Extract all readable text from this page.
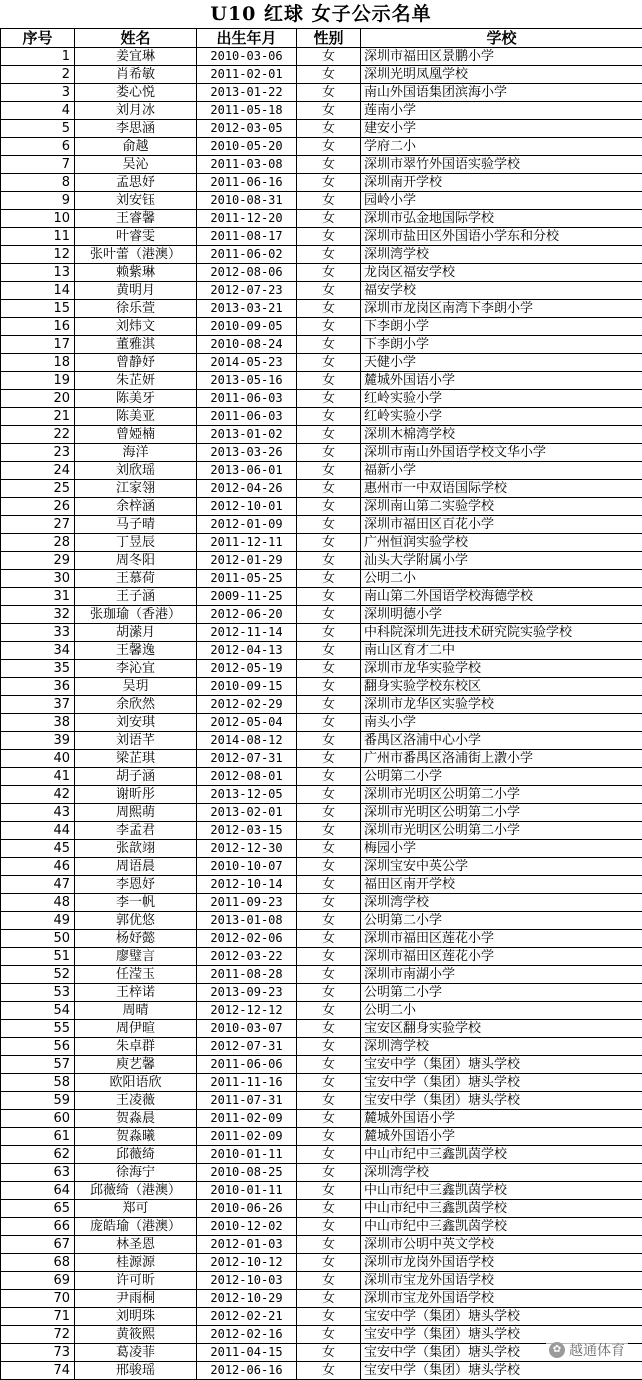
U10 红球 女子公示名单
序号	姓名	出生年月	性别	学校
1	姜宜琳	2010-03-06	女	深圳市福田区景鹏小学
2	肖希敏	2011-02-01	女	深圳光明凤凰学校
3	娄心悦	2013-01-22	女	南山外国语集团滨海小学
4	刘月冰	2011-05-18	女	莲南小学
5	李思涵	2012-03-05	女	建安小学
6	俞越	2010-05-20	女	学府二小
7	吴沁	2011-03-08	女	深圳市翠竹外国语实验学校
8	孟思妤	2011-06-16	女	深圳南开学校
9	刘安钰	2010-08-31	女	园岭小学
10	王睿馨	2011-12-20	女	深圳市弘金地国际学校
11	叶睿雯	2011-08-17	女	深圳市盐田区外国语小学东和分校
12	张叶蕾（港澳）	2011-06-02	女	深圳湾学校
13	赖紫琳	2012-08-06	女	龙岗区福安学校
14	黄明月	2012-07-23	女	福安学校
15	徐乐萱	2013-03-21	女	深圳市龙岗区南湾下李朗小学
16	刘炜文	2010-09-05	女	下李朗小学
17	董雅淇	2010-08-24	女	下李朗小学
18	曾静妤	2014-05-23	女	天健小学
19	朱芷妍	2013-05-16	女	麓城外国语小学
20	陈美牙	2011-06-03	女	红岭实验小学
21	陈美亚	2011-06-03	女	红岭实验小学
22	曾婭楠	2013-01-02	女	深圳木棉湾学校
23	海洋	2013-03-26	女	深圳市南山外国语学校文华小学
24	刘欣瑶	2013-06-01	女	福新小学
25	江家翎	2012-04-26	女	惠州市一中双语国际学校
26	余梓涵	2012-10-01	女	深圳南山第二实验学校
27	马子晴	2012-01-09	女	深圳市福田区百花小学
28	丁昱辰	2011-12-11	女	广州恒润实验学校
29	周冬阳	2012-01-29	女	汕头大学附属小学
30	王慕荷	2011-05-25	女	公明二小
31	王子涵	2009-11-25	女	南山第二外国语学校海德学校
32	张珈瑜（香港）	2012-06-20	女	深圳明德小学
33	胡潆月	2012-11-14	女	中科院深圳先进技术研究院实验学校
34	王馨逸	2012-04-13	女	南山区育才二中
35	李沁宜	2012-05-19	女	深圳市龙华实验学校
36	吴玥	2010-09-15	女	翻身实验学校东校区
37	余欣然	2012-02-29	女	深圳市龙华区实验学校
38	刘安琪	2012-05-04	女	南头小学
39	刘语芊	2014-08-12	女	番禺区洛浦中心小学
40	梁芷琪	2012-07-31	女	广州市番禺区洛浦街上漖小学
41	胡子涵	2012-08-01	女	公明第二小学
42	谢昕彤	2013-12-05	女	深圳市光明区公明第二小学
43	周熙萌	2013-02-01	女	深圳市光明区公明第二小学
44	李孟君	2012-03-15	女	深圳市光明区公明第二小学
45	张歆翊	2012-12-30	女	梅园小学
46	周语晨	2010-10-07	女	深圳宝安中英公学
47	李恩妤	2012-10-14	女	福田区南开学校
48	李一帆	2011-09-23	女	深圳湾学校
49	郭优悠	2013-01-08	女	公明第二小学
50	杨妤懿	2012-02-06	女	深圳市福田区莲花小学
51	廖璧言	2012-03-22	女	深圳市福田区莲花小学
52	任滢玉	2011-08-28	女	深圳市南湖小学
53	王梓诺	2013-09-23	女	公明第二小学
54	周晴	2012-12-12	女	公明二小
55	周伊暄	2010-03-07	女	宝安区翻身实验学校
56	朱卓群	2012-07-31	女	深圳湾学校
57	庾艺馨	2011-06-06	女	宝安中学（集团）塘头学校
58	欧阳语欣	2011-11-16	女	宝安中学（集团）塘头学校
59	王凌薇	2011-07-31	女	宝安中学（集团）塘头学校
60	贺淼晨	2011-02-09	女	麓城外国语小学
61	贺淼曦	2011-02-09	女	麓城外国语小学
62	邱薇绮	2010-01-11	女	中山市纪中三鑫凯茵学校
63	徐海宁	2010-08-25	女	深圳湾学校
64	邱薇绮（港澳）	2010-01-11	女	中山市纪中三鑫凯茵学校
65	郑可	2010-06-26	女	中山市纪中三鑫凯茵学校
66	庞皓瑜（港澳）	2010-12-02	女	中山市纪中三鑫凯茵学校
67	林圣恩	2012-01-03	女	深圳市公明中英文学校
68	桂源源	2012-10-12	女	深圳市龙岗外国语学校
69	许可昕	2012-10-03	女	深圳市宝龙外国语学校
70	尹雨桐	2012-10-29	女	深圳市宝龙外国语学校
71	刘明珠	2012-02-21	女	宝安中学（集团）塘头学校
72	黄筱熙	2012-02-16	女	宝安中学（集团）塘头学校
73	葛凌菲	2011-04-15	女	宝安中学（集团）塘头学校
74	邢骏瑶	2012-06-16	女	宝安中学（集团）塘头学校
✿ 越通体育
